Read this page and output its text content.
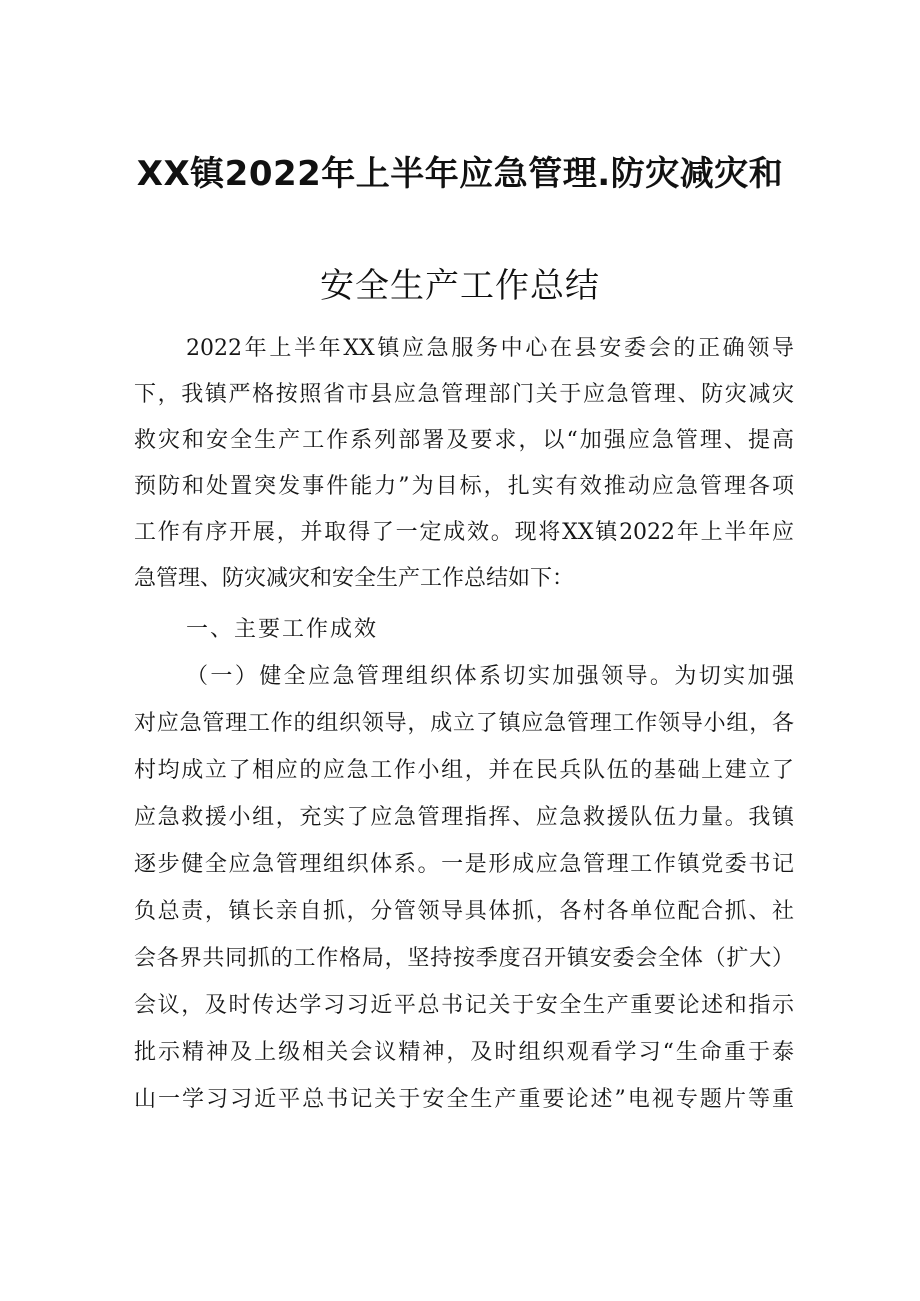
XX镇2022年上半年应急管理.防灾减灾和
安全生产工作总结
2022年上半年XX镇应急服务中心在县安委会的正确领导
下，我镇严格按照省市县应急管理部门关于应急管理、防灾减灾
救灾和安全生产工作系列部署及要求，以“加强应急管理、提高
预防和处置突发事件能力”为目标，扎实有效推动应急管理各项
工作有序开展，并取得了一定成效。现将XX镇2022年上半年应
急管理、防灾减灾和安全生产工作总结如下：
一、主要工作成效
（一）健全应急管理组织体系切实加强领导。为切实加强
对应急管理工作的组织领导，成立了镇应急管理工作领导小组，各
村均成立了相应的应急工作小组，并在民兵队伍的基础上建立了
应急救援小组，充实了应急管理指挥、应急救援队伍力量。我镇
逐步健全应急管理组织体系。一是形成应急管理工作镇党委书记
负总责，镇长亲自抓，分管领导具体抓，各村各单位配合抓、社
会各界共同抓的工作格局，坚持按季度召开镇安委会全体（扩大）
会议，及时传达学习习近平总书记关于安全生产重要论述和指示
批示精神及上级相关会议精神，及时组织观看学习“生命重于泰
山一学习习近平总书记关于安全生产重要论述”电视专题片等重
